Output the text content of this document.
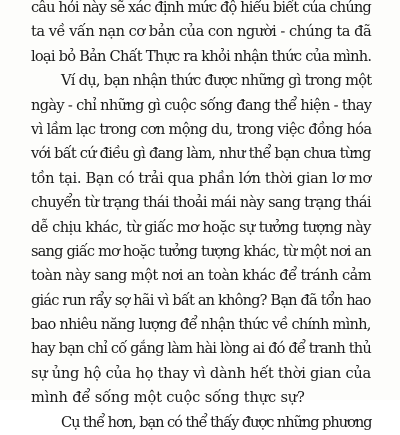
câu hỏi này sẽ xác định mức độ hiểu biết của chúng
ta về vấn nạn cơ bản của con người - chúng ta đã
loại bỏ Bản Chất Thực ra khỏi nhận thức của mình.
Ví dụ, bạn nhận thức được những gì trong một
ngày - chỉ những gì cuộc sống đang thể hiện - thay
vì lầm lạc trong cơn mộng du, trong việc đồng hóa
với bất cứ điều gì đang làm, như thể bạn chưa từng
tồn tại. Bạn có trải qua phần lớn thời gian lơ mơ
chuyển từ trạng thái thoải mái này sang trạng thái
dễ chịu khác, từ giấc mơ hoặc sự tưởng tượng này
sang giấc mơ hoặc tưởng tượng khác, từ một nơi an
toàn này sang một nơi an toàn khác để tránh cảm
giác run rẩy sợ hãi vì bất an không? Bạn đã tổn hao
bao nhiêu năng lượng để nhận thức về chính mình,
hay bạn chỉ cố gắng làm hài lòng ai đó để tranh thủ
sự ủng hộ của họ thay vì dành hết thời gian của
mình để sống một cuộc sống thực sự?
Cụ thể hơn, bạn có thể thấy được những phương
